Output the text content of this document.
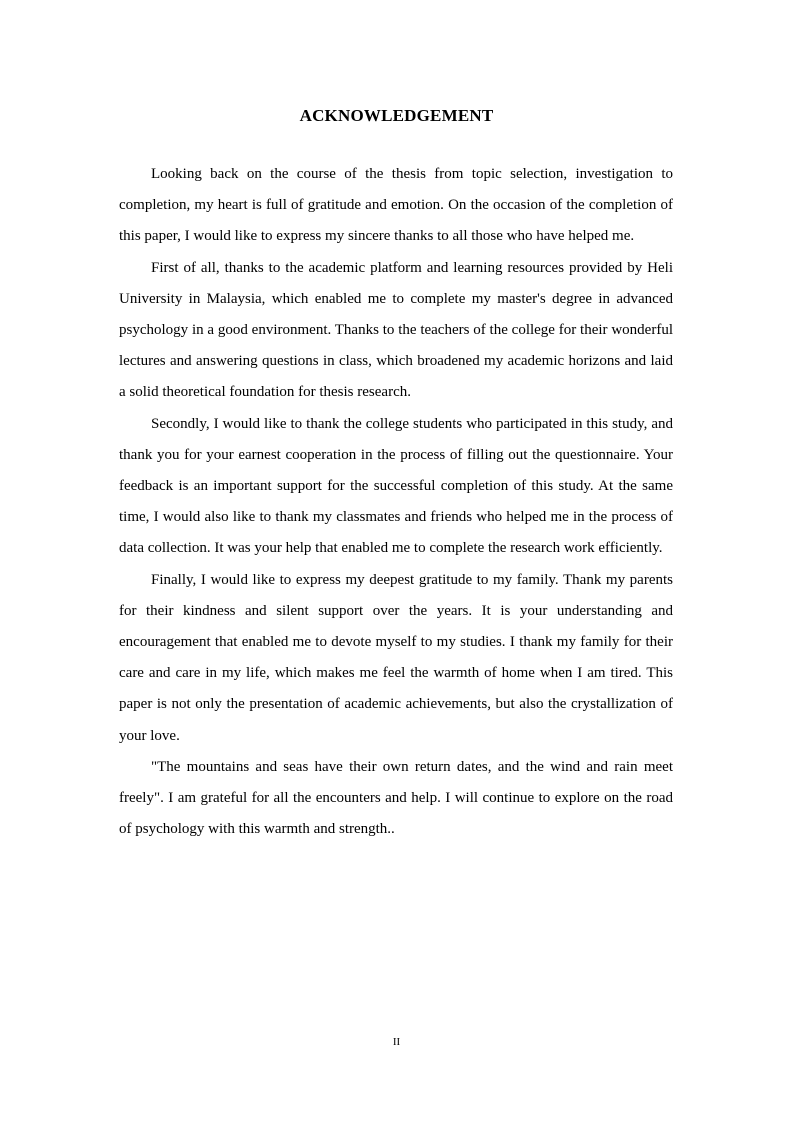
ACKNOWLEDGEMENT

Looking back on the course of the thesis from topic selection, investigation to completion, my heart is full of gratitude and emotion. On the occasion of the completion of this paper, I would like to express my sincere thanks to all those who have helped me.

First of all, thanks to the academic platform and learning resources provided by Heli University in Malaysia, which enabled me to complete my master's degree in advanced psychology in a good environment. Thanks to the teachers of the college for their wonderful lectures and answering questions in class, which broadened my academic horizons and laid a solid theoretical foundation for thesis research.

Secondly, I would like to thank the college students who participated in this study, and thank you for your earnest cooperation in the process of filling out the questionnaire. Your feedback is an important support for the successful completion of this study. At the same time, I would also like to thank my classmates and friends who helped me in the process of data collection. It was your help that enabled me to complete the research work efficiently.

Finally, I would like to express my deepest gratitude to my family. Thank my parents for their kindness and silent support over the years. It is your understanding and encouragement that enabled me to devote myself to my studies. I thank my family for their care and care in my life, which makes me feel the warmth of home when I am tired. This paper is not only the presentation of academic achievements, but also the crystallization of your love.

"The mountains and seas have their own return dates, and the wind and rain meet freely". I am grateful for all the encounters and help. I will continue to explore on the road of psychology with this warmth and strength..

II
